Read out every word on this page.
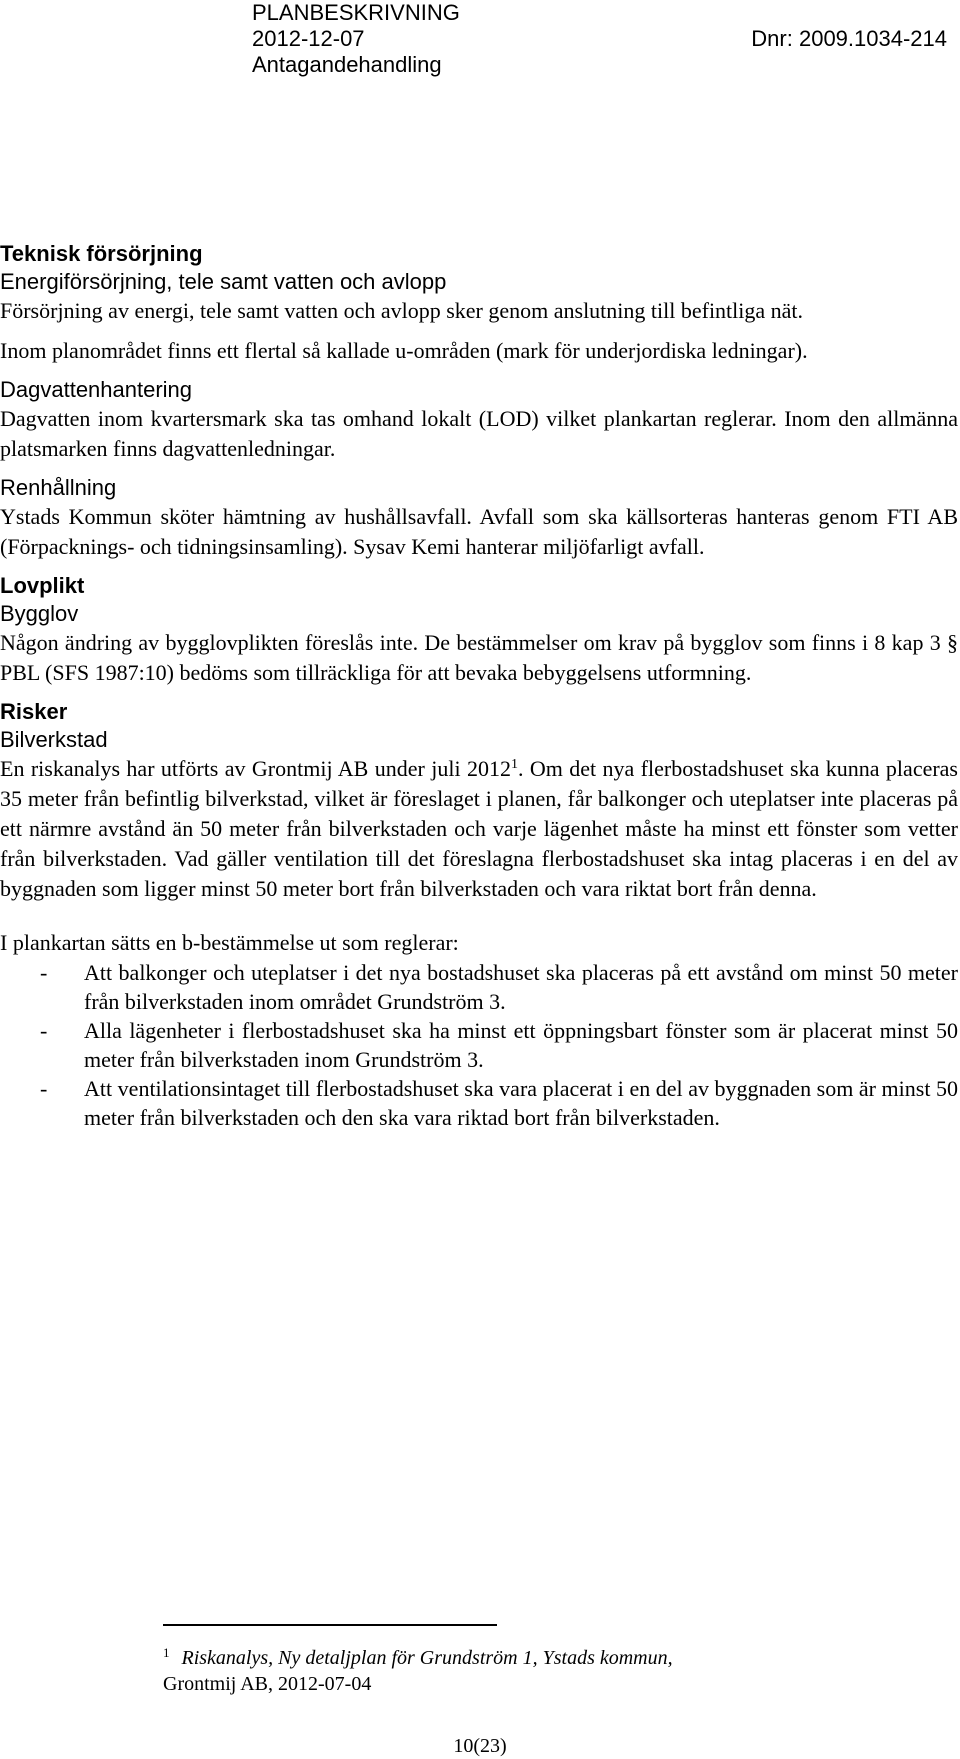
PLANBESKRIVNING
2012-12-07	Dnr: 2009.1034-214
Antagandehandling
Teknisk försörjning
Energiförsörjning, tele samt vatten och avlopp

Försörjning av energi, tele samt vatten och avlopp sker genom anslutning till befintliga nät.

Inom planområdet finns ett flertal så kallade u-områden (mark för underjordiska ledningar).

Dagvattenhantering

Dagvatten inom kvartersmark ska tas omhand lokalt (LOD) vilket plankartan reglerar. Inom den allmänna platsmarken finns dagvattenledningar.

Renhållning

Ystads Kommun sköter hämtning av hushållsavfall. Avfall som ska källsorteras hanteras genom FTI AB (Förpacknings- och tidningsinsamling). Sysav Kemi hanterar miljöfarligt avfall.

Lovplikt
Bygglov

Någon ändring av bygglovplikten föreslås inte. De bestämmelser om krav på bygglov som finns i 8 kap 3 § PBL (SFS 1987:10) bedöms som tillräckliga för att bevaka bebyggelsens utformning.

Risker
Bilverkstad

En riskanalys har utförts av Grontmij AB under juli 2012$^1$. Om det nya flerbostadshuset ska kunna placeras 35 meter från befintlig bilverkstad, vilket är föreslaget i planen, får balkonger och uteplatser inte placeras på ett närmre avstånd än 50 meter från bilverkstaden och varje lägenhet måste ha minst ett fönster som vetter från bilverkstaden. Vad gäller ventilation till det föreslagna flerbostadshuset ska intag placeras i en del av byggnaden som ligger minst 50 meter bort från bilverkstaden och vara riktat bort från denna.

I plankartan sätts en b-bestämmelse ut som reglerar:

- Att balkonger och uteplatser i det nya bostadshuset ska placeras på ett avstånd om minst 50 meter från bilverkstaden inom området Grundström 3.
- Alla lägenheter i flerbostadshuset ska ha minst ett öppningsbart fönster som är placerat minst 50 meter från bilverkstaden inom Grundström 3.
- Att ventilationsintaget till flerbostadshuset ska vara placerat i en del av byggnaden som är minst 50 meter från bilverkstaden och den ska vara riktad bort från bilverkstaden.
$^1$ Riskanalys, Ny detaljplan för Grundström 1, Ystads kommun,
Grontmij AB, 2012-07-04
10(23)
